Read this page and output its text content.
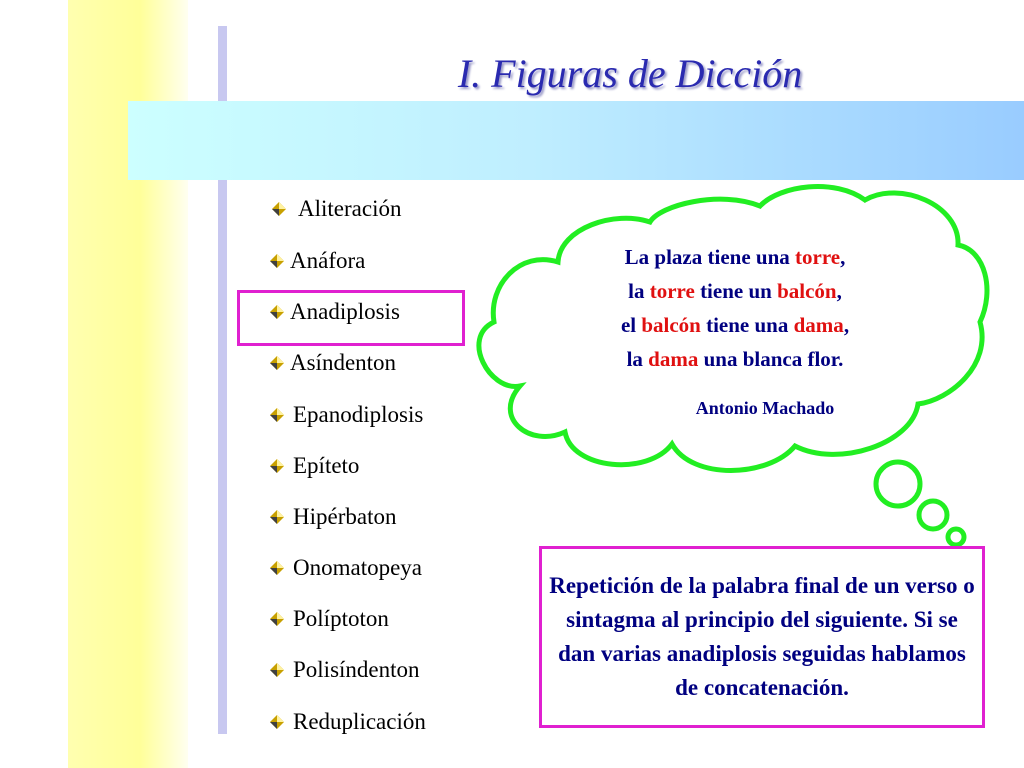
I. Figuras de Dicción
Aliteración
Anáfora
Anadiplosis
Asíndenton
Epanodiplosis
Epíteto
Hipérbaton
Onomatopeya
Políptoton
Polisíndenton
Reduplicación
La plaza tiene una torre,
la torre tiene un balcón,
el balcón tiene una dama,
la dama una blanca flor.
Antonio Machado
Repetición de la palabra final de un verso o sintagma al principio del siguiente. Si se dan varias anadiplosis seguidas hablamos de concatenación.
